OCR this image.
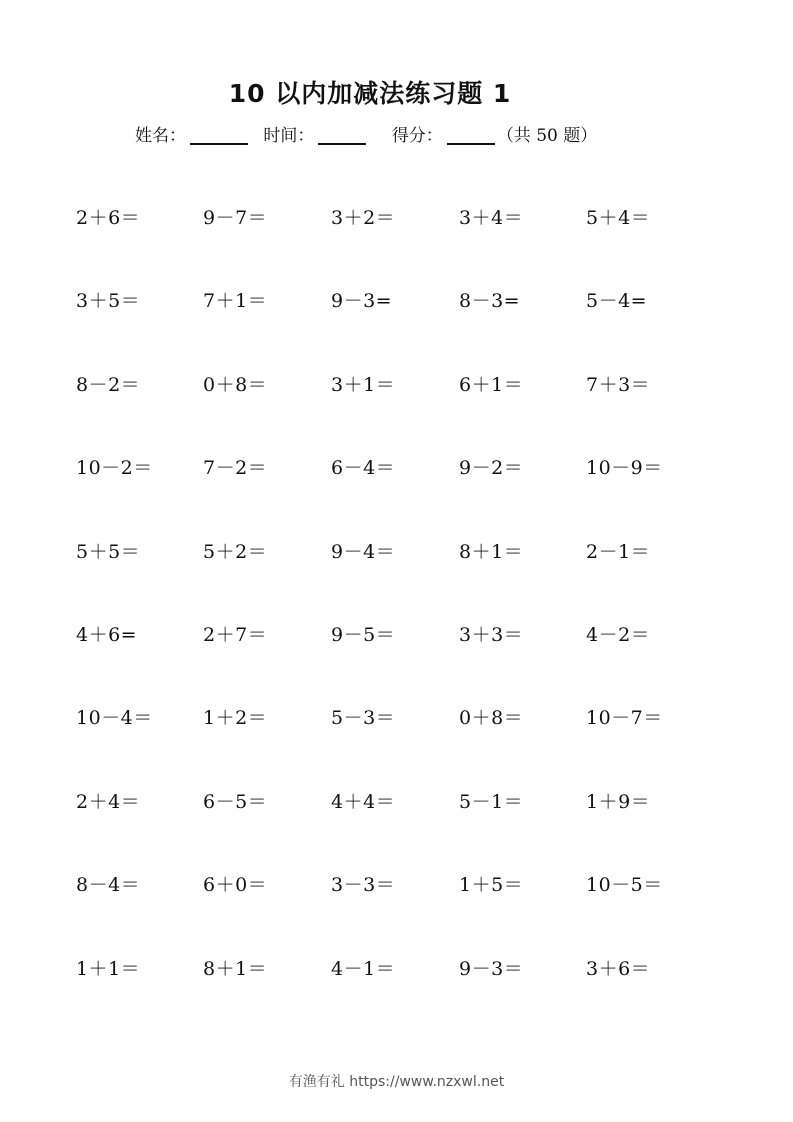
10 以内加减法练习题 1
姓名：	时间：	得分：	（共 50 题）
2＋6＝	9－7＝	3＋2＝	3＋4＝	5＋4＝
3＋5＝	7＋1＝	9－3=	8－3=	5－4=
8－2＝	0＋8＝	3＋1＝	6＋1＝	7＋3＝
10－2＝	7－2＝	6－4＝	9－2＝	10－9＝
5＋5＝	5＋2＝	9－4＝	8＋1＝	2－1＝
4＋6=	2＋7＝	9－5＝	3＋3＝	4－2＝
10－4＝	1＋2＝	5－3＝	0＋8＝	10－7＝
2＋4＝	6－5＝	4＋4＝	5－1＝	1＋9＝
8－4＝	6＋0＝	3－3＝	1＋5＝	10－5＝
1＋1＝	8＋1＝	4－1＝	9－3＝	3＋6＝
有渔有礼 https://www.nzxwl.net
